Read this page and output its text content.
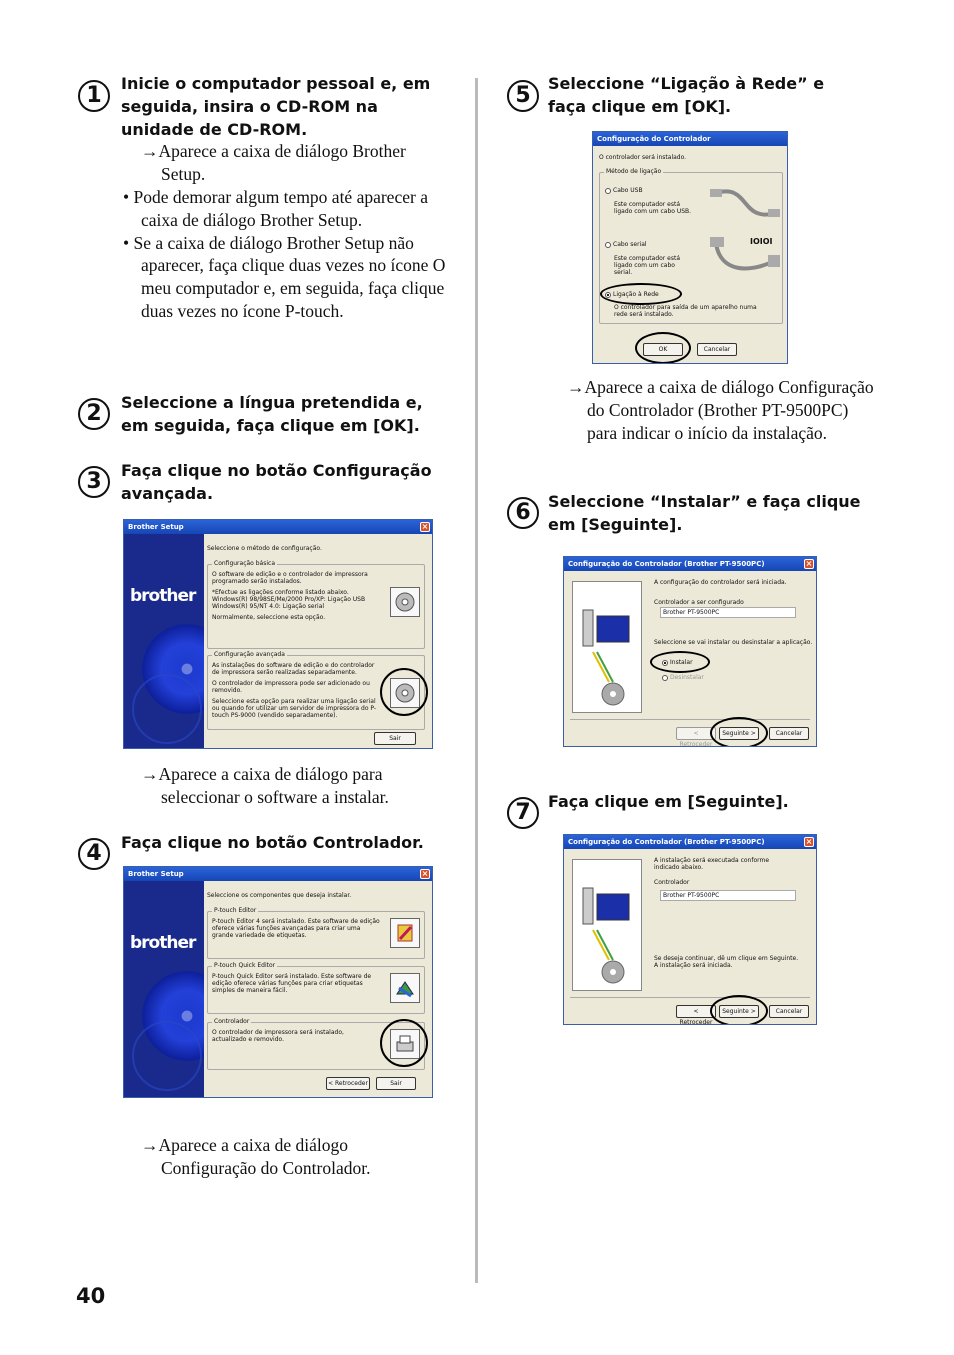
1	Inicie o computador pessoal e, em seguida, insira o CD-ROM na unidade de CD-ROM.
→Aparece a caixa de diálogo Brother Setup.
• Pode demorar algum tempo até aparecer a caixa de diálogo Brother Setup.
• Se a caixa de diálogo Brother Setup não aparecer, faça clique duas vezes no ícone O meu computador e, em seguida, faça clique duas vezes no ícone P-touch.
2	Seleccione a língua pretendida e, em seguida, faça clique em [OK].
3	Faça clique no botão Configuração avançada.
Brother Setup	×
brother
Seleccione o método de configuração.
Configuração básica
O software de edição e o controlador de impressora programado serão instalados.
*Efectue as ligações conforme listado abaixo. Windows(R) 98/98SE/Me/2000 Pro/XP: Ligação USB Windows(R) 95/NT 4.0: Ligação serial
Normalmente, seleccione esta opção.
Configuração avançada
As instalações do software de edição e do controlador de impressora serão realizadas separadamente.
O controlador de impressora pode ser adicionado ou removido.
Seleccione esta opção para realizar uma ligação serial ou quando for utilizar um servidor de impressora do P-touch PS-9000 (vendido separadamente).
Sair
→Aparece a caixa de diálogo para seleccionar o software a instalar.
4	Faça clique no botão Controlador.
Brother Setup	×
brother
Seleccione os componentes que deseja instalar.
P-touch Editor
P-touch Editor 4 será instalado. Este software de edição oferece várias funções avançadas para criar uma grande variedade de etiquetas.
P-touch Quick Editor
P-touch Quick Editor será instalado. Este software de edição oferece várias funções para criar etiquetas simples de maneira fácil.
Controlador
O controlador de impressora será instalado, actualizado e removido.
< Retroceder	Sair
→Aparece a caixa de diálogo Configuração do Controlador.
5	Seleccione “Ligação à Rede” e faça clique em [OK].
Configuração do Controlador
O controlador será instalado.
Método de ligação
Cabo USB
Este computador está ligado com um cabo USB.
Cabo serial
Este computador está ligado com um cabo serial.
IOIOI
Ligação à Rede
O controlador para saída de um aparelho numa rede será instalado.
OK	Cancelar
→Aparece a caixa de diálogo Configuração do Controlador (Brother PT-9500PC) para indicar o início da instalação.
6	Seleccione “Instalar” e faça clique em [Seguinte].
Configuração do Controlador (Brother PT-9500PC)	×
A configuração do controlador será iniciada.
Controlador a ser configurado
Brother PT-9500PC
Seleccione se vai instalar ou desinstalar a aplicação.
Instalar
Desinstalar
< Retroceder
Seguinte >	Cancelar
7	Faça clique em [Seguinte].
Configuração do Controlador (Brother PT-9500PC)	×
A instalação será executada conforme indicado abaixo.
Controlador
Brother PT-9500PC
Se deseja continuar, dê um clique em Seguinte. A instalação será iniciada.
< Retroceder
Seguinte >	Cancelar
40
